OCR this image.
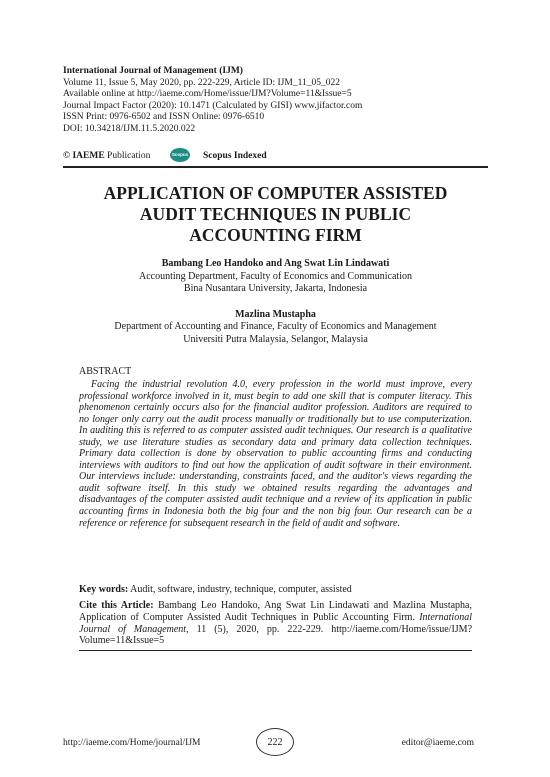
International Journal of Management (IJM)
Volume 11, Issue 5, May 2020, pp. 222-229, Article ID: IJM_11_05_022
Available online at http://iaeme.com/Home/issue/IJM?Volume=11&Issue=5
Journal Impact Factor (2020): 10.1471 (Calculated by GISI) www.jifactor.com
ISSN Print: 0976-6502 and ISSN Online: 0976-6510
DOI: 10.34218/IJM.11.5.2020.022
© IAEME Publication	Scopus Scopus Indexed
APPLICATION OF COMPUTER ASSISTED
AUDIT TECHNIQUES IN PUBLIC
ACCOUNTING FIRM
Bambang Leo Handoko and Ang Swat Lin Lindawati
Accounting Department, Faculty of Economics and Communication
Bina Nusantara University, Jakarta, Indonesia
Mazlina Mustapha
Department of Accounting and Finance, Faculty of Economics and Management
Universiti Putra Malaysia, Selangor, Malaysia
ABSTRACT

Facing the industrial revolution 4.0, every profession in the world must improve, every professional workforce involved in it, must begin to add one skill that is computer literacy. This phenomenon certainly occurs also for the financial auditor profession. Auditors are required to no longer only carry out the audit process manually or traditionally but to use computerization. In auditing this is referred to as computer assisted audit techniques. Our research is a qualitative study, we use literature studies as secondary data and primary data collection techniques. Primary data collection is done by observation to public accounting firms and conducting interviews with auditors to find out how the application of audit software in their environment. Our interviews include: understanding, constraints faced, and the auditor's views regarding the audit software itself. In this study we obtained results regarding the advantages and disadvantages of the computer assisted audit technique and a review of its application in public accounting firms in Indonesia both the big four and the non big four. Our research can be a reference or reference for subsequent research in the field of audit and software.

Key words: Audit, software, industry, technique, computer, assisted
Cite this Article: Bambang Leo Handoko, Ang Swat Lin Lindawati and Mazlina Mustapha, Application of Computer Assisted Audit Techniques in Public Accounting Firm. International Journal of Management, 11 (5), 2020, pp. 222-229. http://iaeme.com/Home/issue/IJM?Volume=11&Issue=5
http://iaeme.com/Home/journal/IJM	222	editor@iaeme.com
